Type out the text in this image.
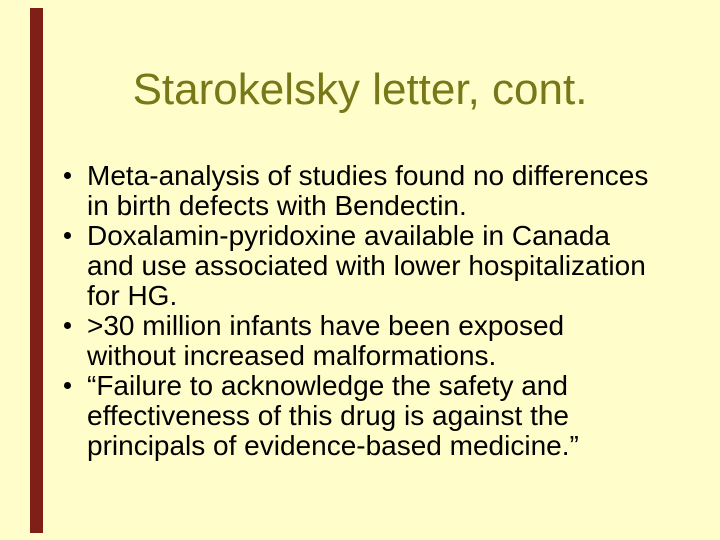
Starokelsky letter, cont.
Meta-analysis of studies found no differences
in birth defects with Bendectin.
Doxalamin-pyridoxine available in Canada
and use associated with lower hospitalization
for HG.
>30 million infants have been exposed
without increased malformations.
“Failure to acknowledge the safety and
effectiveness of this drug is against the
principals of evidence-based medicine.”
